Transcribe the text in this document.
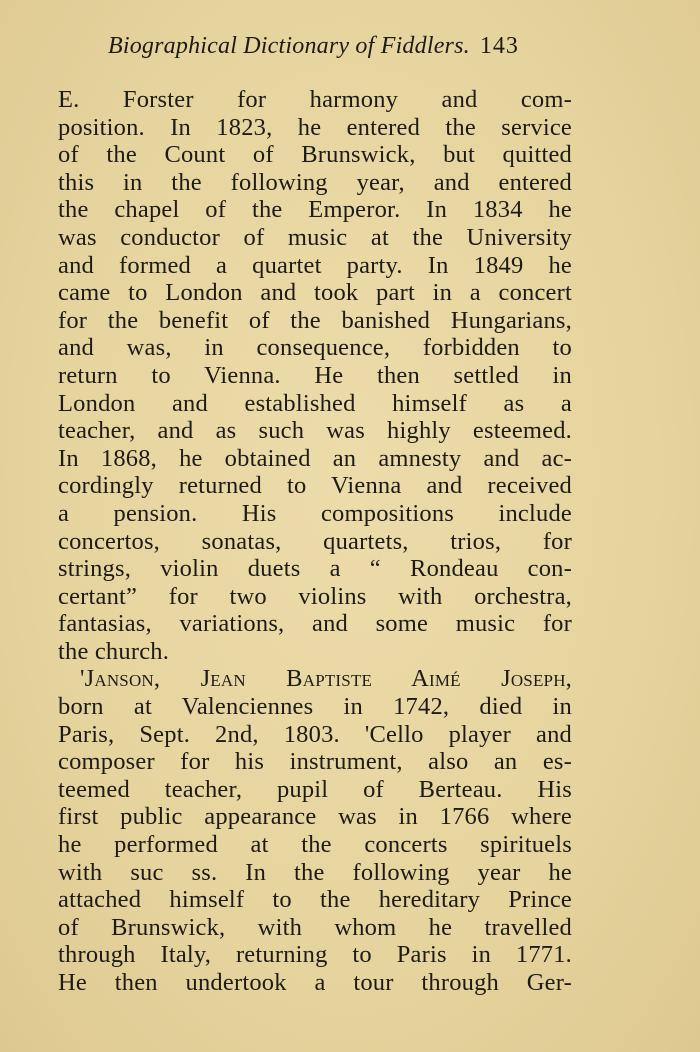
Biographical Dictionary of Fiddlers. 143
E. Forster for harmony and com-
position. In 1823, he entered the service
of the Count of Brunswick, but quitted
this in the following year, and entered
the chapel of the Emperor. In 1834 he
was conductor of music at the University
and formed a quartet party. In 1849 he
came to London and took part in a concert
for the benefit of the banished Hungarians,
and was, in consequence, forbidden to
return to Vienna. He then settled in
London and established himself as a
teacher, and as such was highly esteemed.
In 1868, he obtained an amnesty and ac-
cordingly returned to Vienna and received
a pension. His compositions include
concertos, sonatas, quartets, trios, for
strings, violin duets a “ Rondeau con-
certant” for two violins with orchestra,
fantasias, variations, and some music for
the church.
'Janson, Jean Baptiste Aimé Joseph,
born at Valenciennes in 1742, died in
Paris, Sept. 2nd, 1803. 'Cello player and
composer for his instrument, also an es-
teemed teacher, pupil of Berteau. His
first public appearance was in 1766 where
he performed at the concerts spirituels
with suc ss. In the following year he
attached himself to the hereditary Prince
of Brunswick, with whom he travelled
through Italy, returning to Paris in 1771.
He then undertook a tour through Ger-
